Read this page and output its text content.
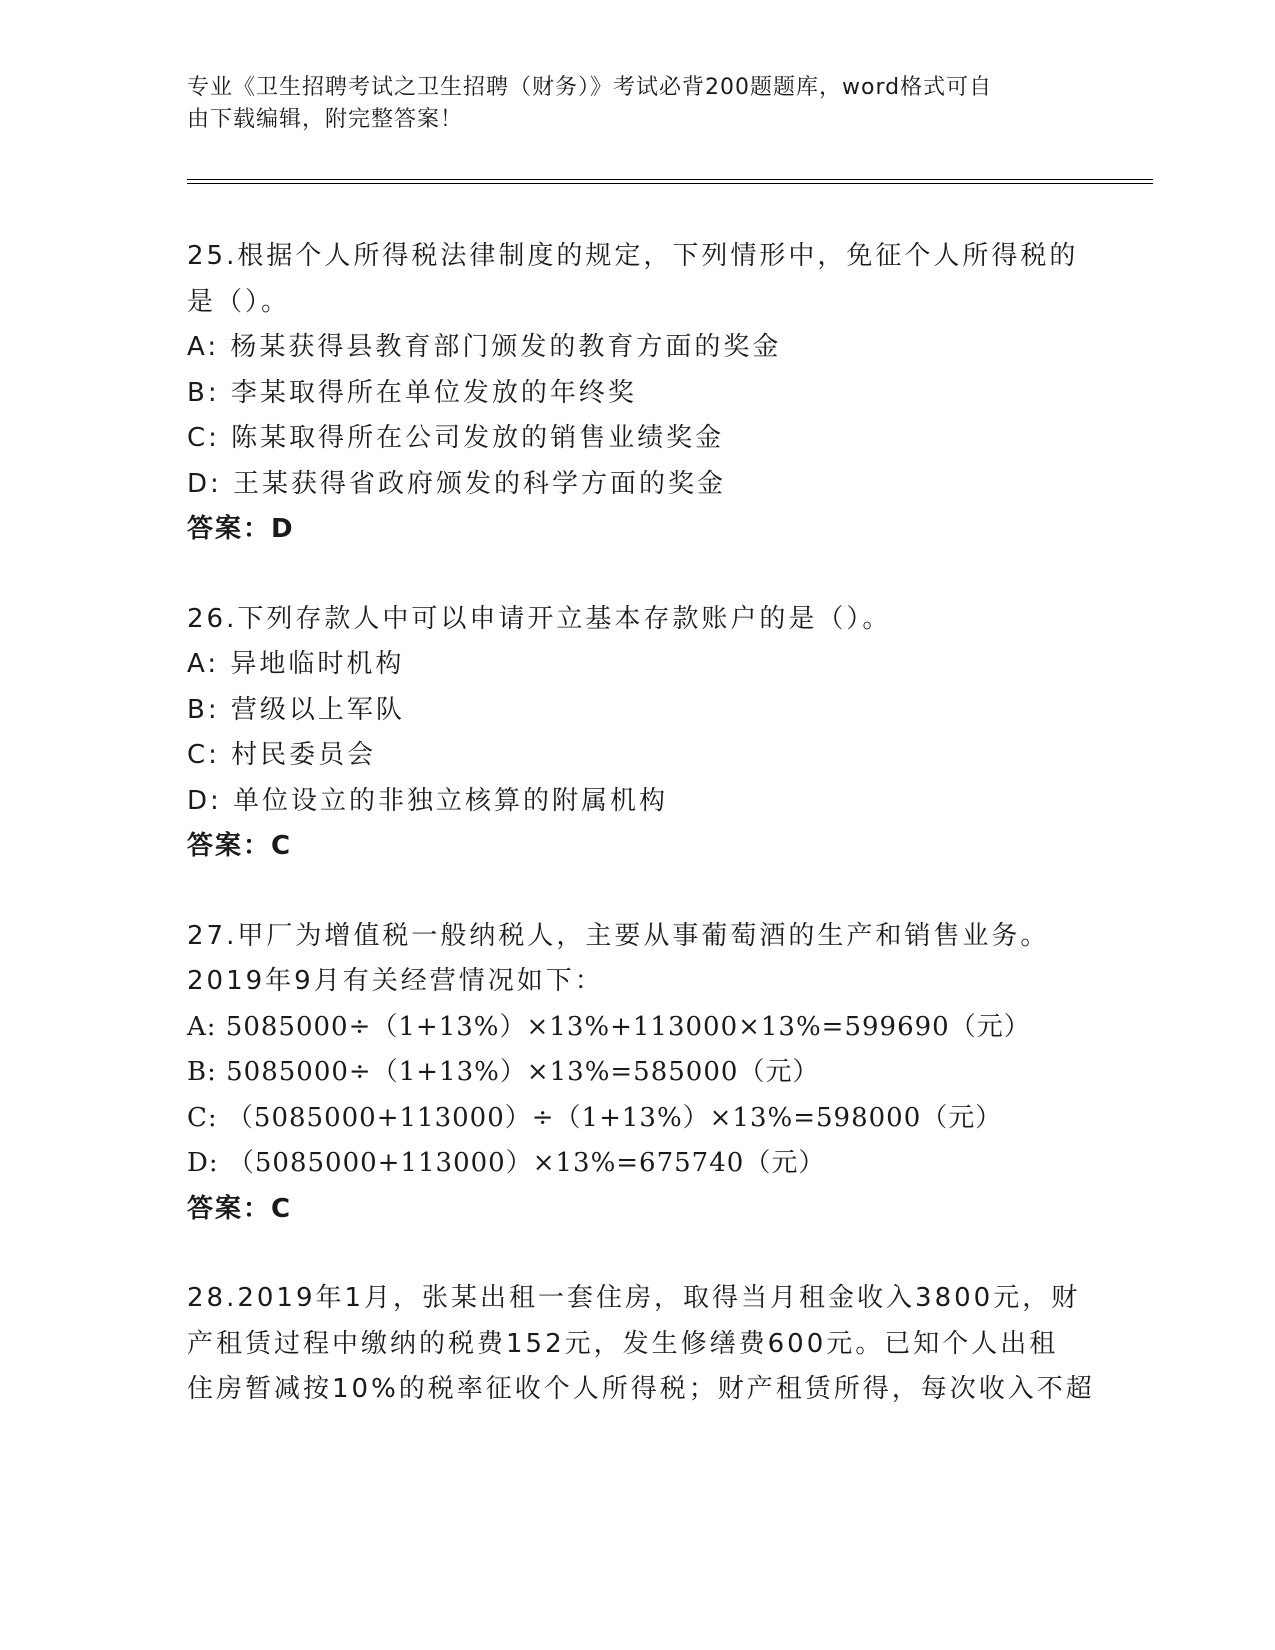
专业《卫生招聘考试之卫生招聘（财务）》考试必背200题题库，word格式可自
由下载编辑，附完整答案！
25.根据个人所得税法律制度的规定，下列情形中，免征个人所得税的
是（）。
A: 杨某获得县教育部门颁发的教育方面的奖金
B: 李某取得所在单位发放的年终奖
C: 陈某取得所在公司发放的销售业绩奖金
D: 王某获得省政府颁发的科学方面的奖金
答案：D
26.下列存款人中可以申请开立基本存款账户的是（）。
A: 异地临时机构
B: 营级以上军队
C: 村民委员会
D: 单位设立的非独立核算的附属机构
答案：C
27.甲厂为增值税一般纳税人，主要从事葡萄酒的生产和销售业务。
2019年9月有关经营情况如下：
A: 5085000÷（1+13%）×13%+113000×13%=599690（元）
B: 5085000÷（1+13%）×13%=585000（元）
C: （5085000+113000）÷（1+13%）×13%=598000（元）
D: （5085000+113000）×13%=675740（元）
答案：C
28.2019年1月，张某出租一套住房，取得当月租金收入3800元，财
产租赁过程中缴纳的税费152元，发生修缮费600元。已知个人出租
住房暂减按10%的税率征收个人所得税；财产租赁所得，每次收入不超
